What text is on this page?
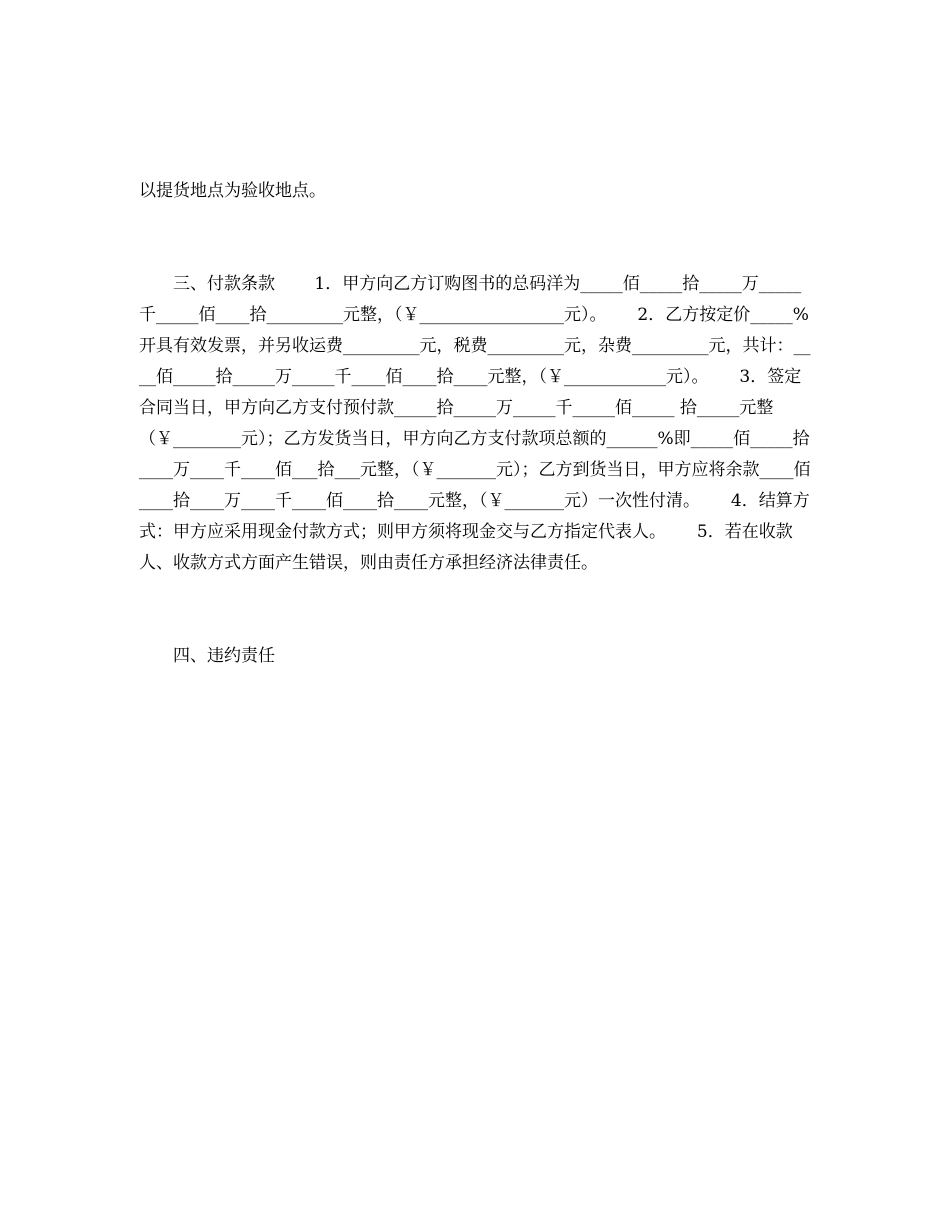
以提货地点为验收地点。

三、付款条款　　 1．甲方向乙方订购图书的总码洋为_____佰_____拾_____万_____千_____佰____拾_________元整，（￥_________________元）。　　 2．乙方按定价_____%开具有效发票，并另收运费_________元，税费_________元，杂费_________元，共计：____佰_____拾_____万_____千____佰____拾____元整，（￥____________元）。　　 3．签定合同当日，甲方向乙方支付预付款_____拾_____万_____千_____佰_____ 拾_____元整（￥________元）；乙方发货当日，甲方向乙方支付款项总额的______%即_____佰_____拾____万____千____佰___拾___元整，（￥_______元）；乙方到货当日，甲方应将余款____佰____拾____万____千____佰____拾____元整，（￥_______元）一次性付清。　　 4．结算方式：甲方应采用现金付款方式；则甲方须将现金交与乙方指定代表人。　　 5．若在收款人、收款方式方面产生错误，则由责任方承担经济法律责任。

四、违约责任
